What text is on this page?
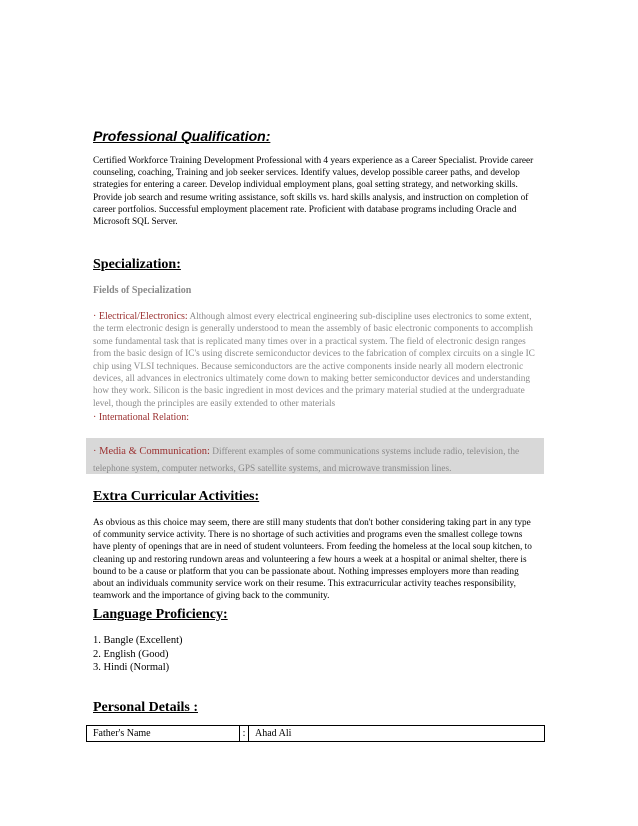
Professional Qualification:
Certified Workforce Training Development Professional with 4 years experience as a Career Specialist. Provide career
counseling, coaching, Training and job seeker services. Identify values, develop possible career paths, and develop
strategies for entering a career. Develop individual employment plans, goal setting strategy, and networking skills.
Provide job search and resume writing assistance, soft skills vs. hard skills analysis, and instruction on completion of
career portfolios. Successful employment placement rate. Proficient with database programs including Oracle and
Microsoft SQL Server.
Specialization:
Fields of Specialization
· Electrical/Electronics: Although almost every electrical engineering sub-discipline uses electronics to some extent,
the term electronic design is generally understood to mean the assembly of basic electronic components to accomplish
some fundamental task that is replicated many times over in a practical system. The field of electronic design ranges
from the basic design of IC's using discrete semiconductor devices to the fabrication of complex circuits on a single IC
chip using VLSI techniques. Because semiconductors are the active components inside nearly all modern electronic
devices, all advances in electronics ultimately come down to making better semiconductor devices and understanding
how they work. Silicon is the basic ingredient in most devices and the primary material studied at the undergraduate
level, though the principles are easily extended to other materials
· International Relation:
· Media & Communication: Different examples of some communications systems include radio, television, the
telephone system, computer networks, GPS satellite systems, and microwave transmission lines.
Extra Curricular Activities:
As obvious as this choice may seem, there are still many students that don't bother considering taking part in any type
of community service activity. There is no shortage of such activities and programs even the smallest college towns
have plenty of openings that are in need of student volunteers. From feeding the homeless at the local soup kitchen, to
cleaning up and restoring rundown areas and volunteering a few hours a week at a hospital or animal shelter, there is
bound to be a cause or platform that you can be passionate about. Nothing impresses employers more than reading
about an individuals community service work on their resume. This extracurricular activity teaches responsibility,
teamwork and the importance of giving back to the community.
Language Proficiency:
1. Bangle (Excellent)
2. English (Good)
3. Hindi (Normal)
Personal Details :
Father's Name	:	Ahad Ali
